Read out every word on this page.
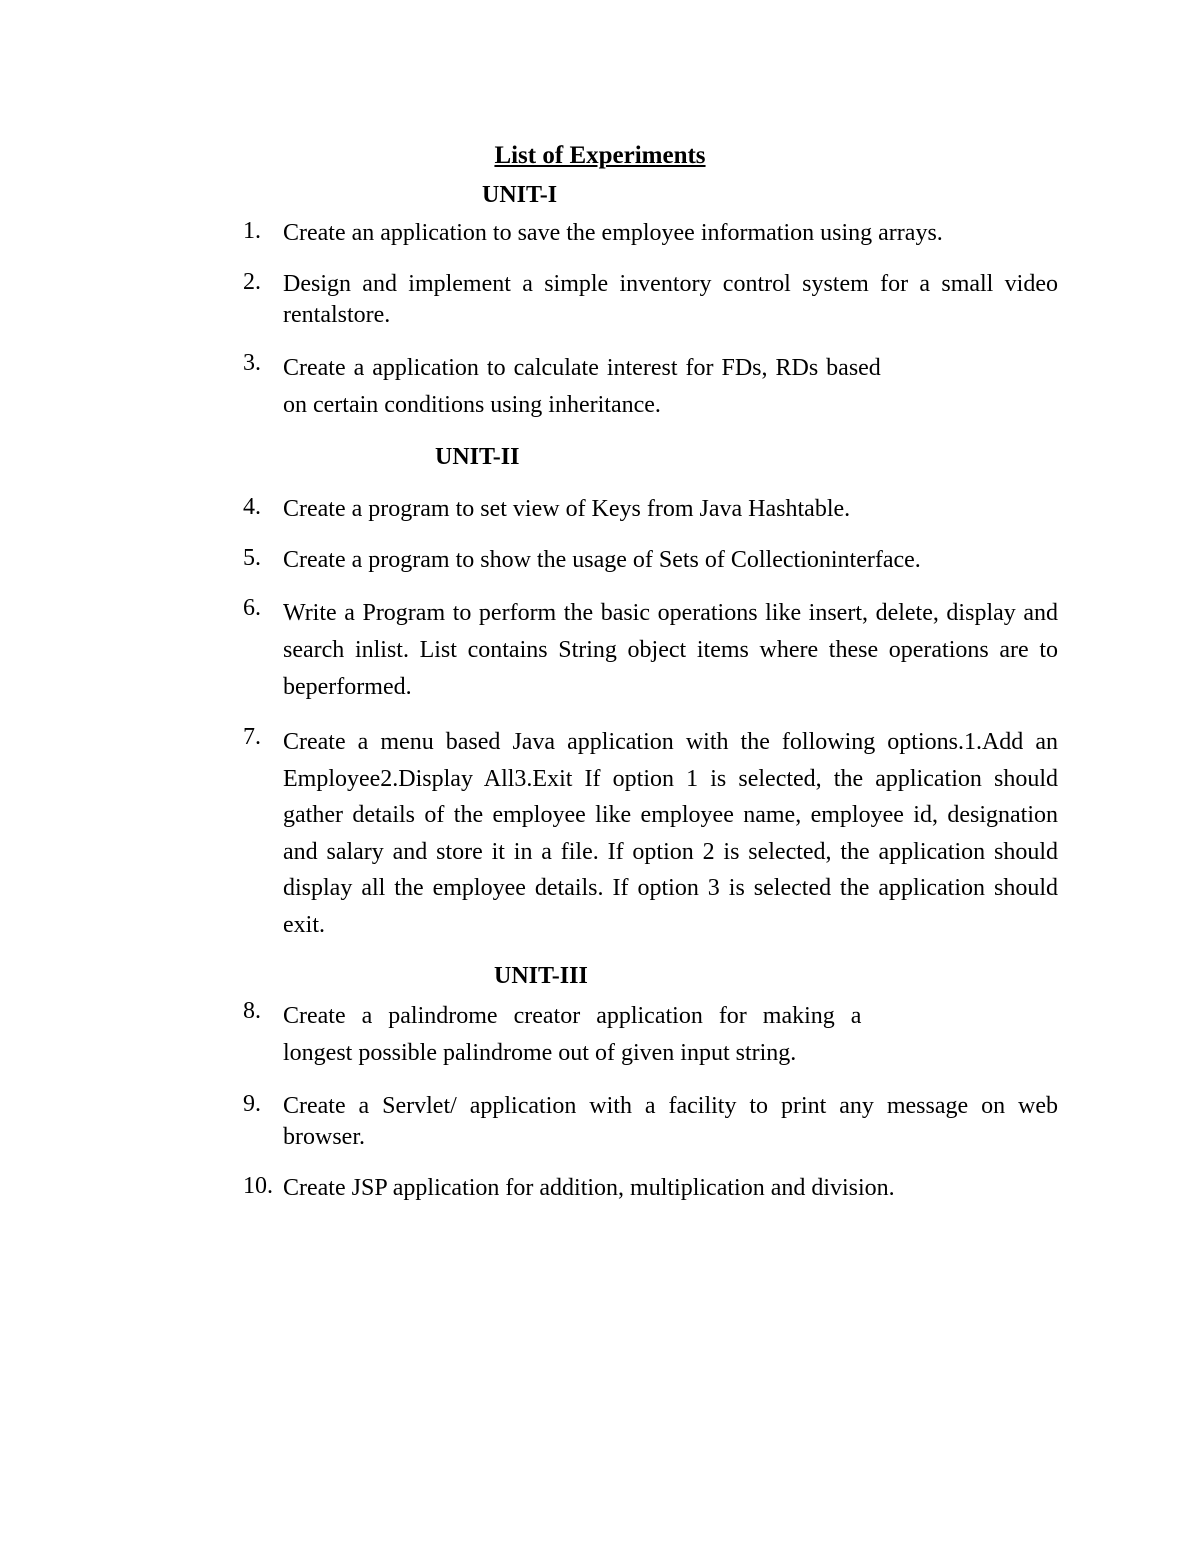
List of Experiments
UNIT-I
1. Create an application to save the employee information using arrays.

2. Design and implement a simple inventory control system for a small video rentalstore.

3. Create a application to calculate interest for FDs, RDs based

on certain conditions using inheritance.

UNIT-II
4. Create a program to set view of Keys from Java Hashtable.

5. Create a program to show the usage of Sets of Collectioninterface.

6. Write a Program to perform the basic operations like insert, delete, display and search inlist. List contains String object items where these operations are to beperformed.

7. Create a menu based Java application with the following options.1.Add an Employee2.Display All3.Exit If option 1 is selected, the application should gather details of the employee like employee name, employee id, designation and salary and store it in a file. If option 2 is selected, the application should display all the employee details. If option 3 is selected the application should exit.

UNIT-III
8. Create a palindrome creator application for making a

longest possible palindrome out of given input string.

9. Create a Servlet/ application with a facility to print any message on web browser.

10. Create JSP application for addition, multiplication and division.
